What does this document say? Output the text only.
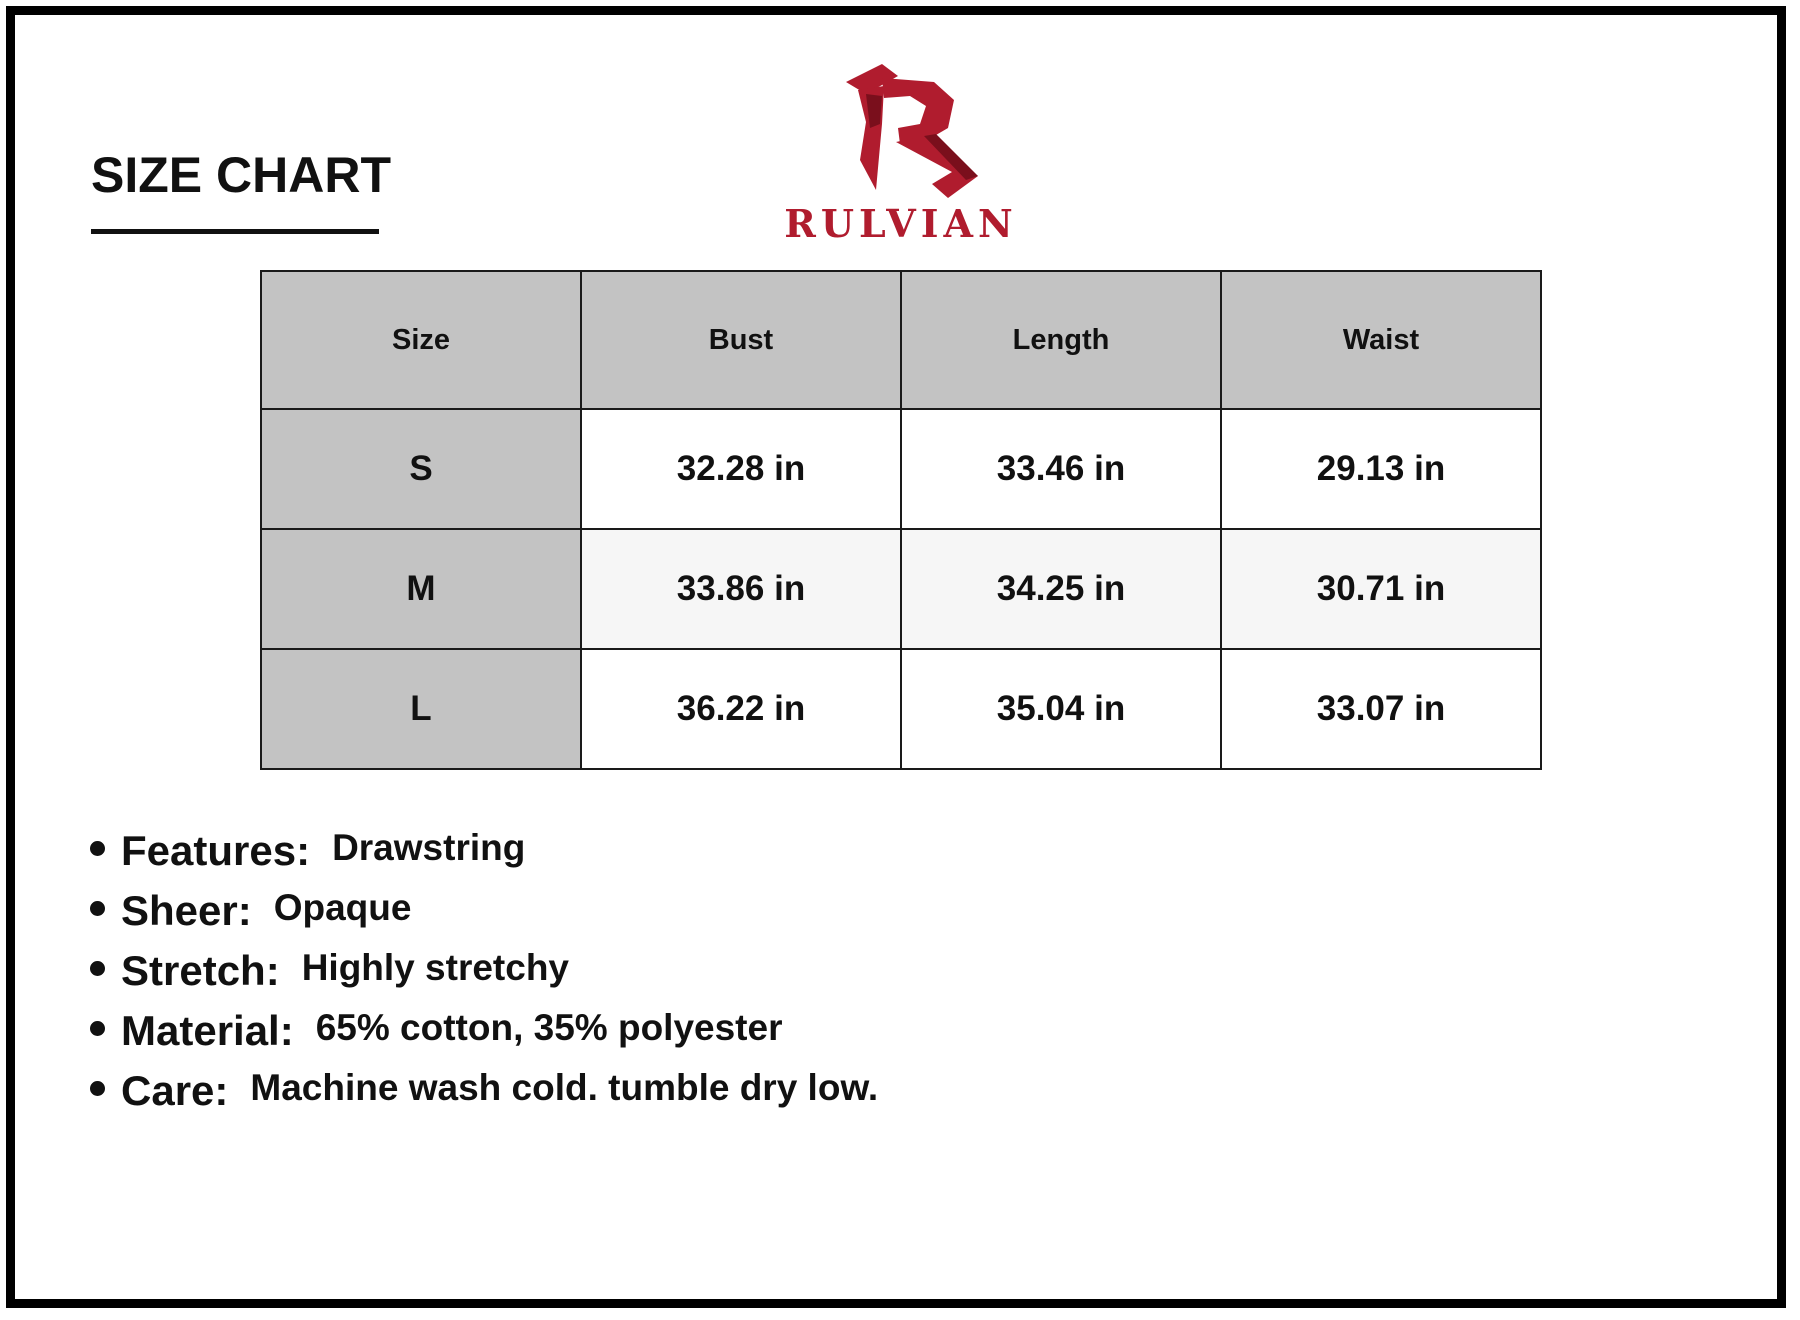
SIZE CHART
RULVIAN
Size	Bust	Length	Waist
S	32.28 in	33.46 in	29.13 in
M	33.86 in	34.25 in	30.71 in
L	36.22 in	35.04 in	33.07 in
Features: Drawstring
Sheer: Opaque
Stretch: Highly stretchy
Material: 65% cotton, 35% polyester
Care: Machine wash cold. tumble dry low.
